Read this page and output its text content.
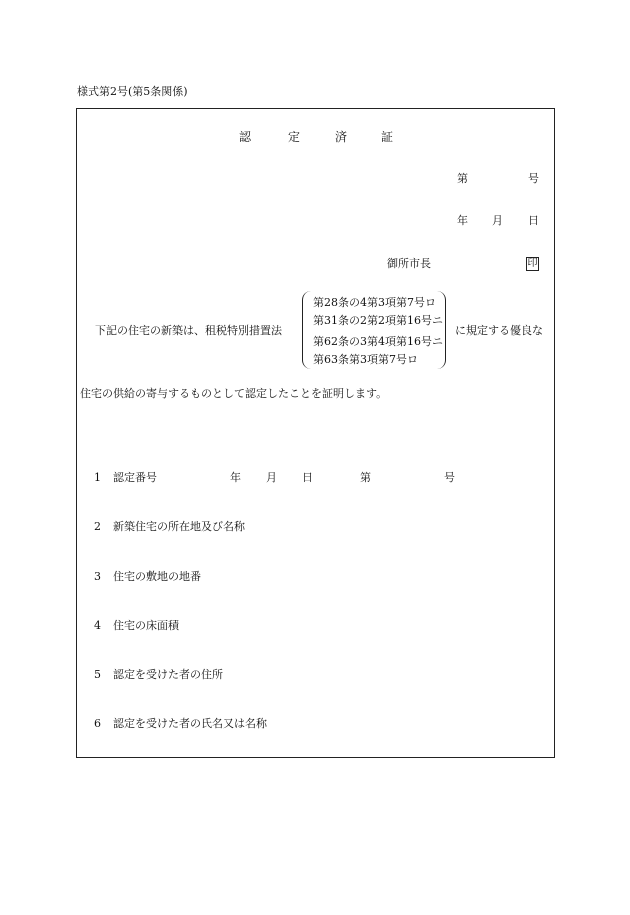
様式第2号(第5条関係)
認	定	済	証
第	号
年 月 日
御所市長	印
下記の住宅の新築は、租税特別措置法
第28条の4第3項第7号ロ
第31条の2第2項第16号ニ
第62条の3第4項第16号ニ
第63条第3項第7号ロ
に規定する優良な
住宅の供給の寄与するものとして認定したことを証明します。
1 認定番号	年 月 日	第	号
2 新築住宅の所在地及び名称
3 住宅の敷地の地番
4 住宅の床面積
5 認定を受けた者の住所
6 認定を受けた者の氏名又は名称
